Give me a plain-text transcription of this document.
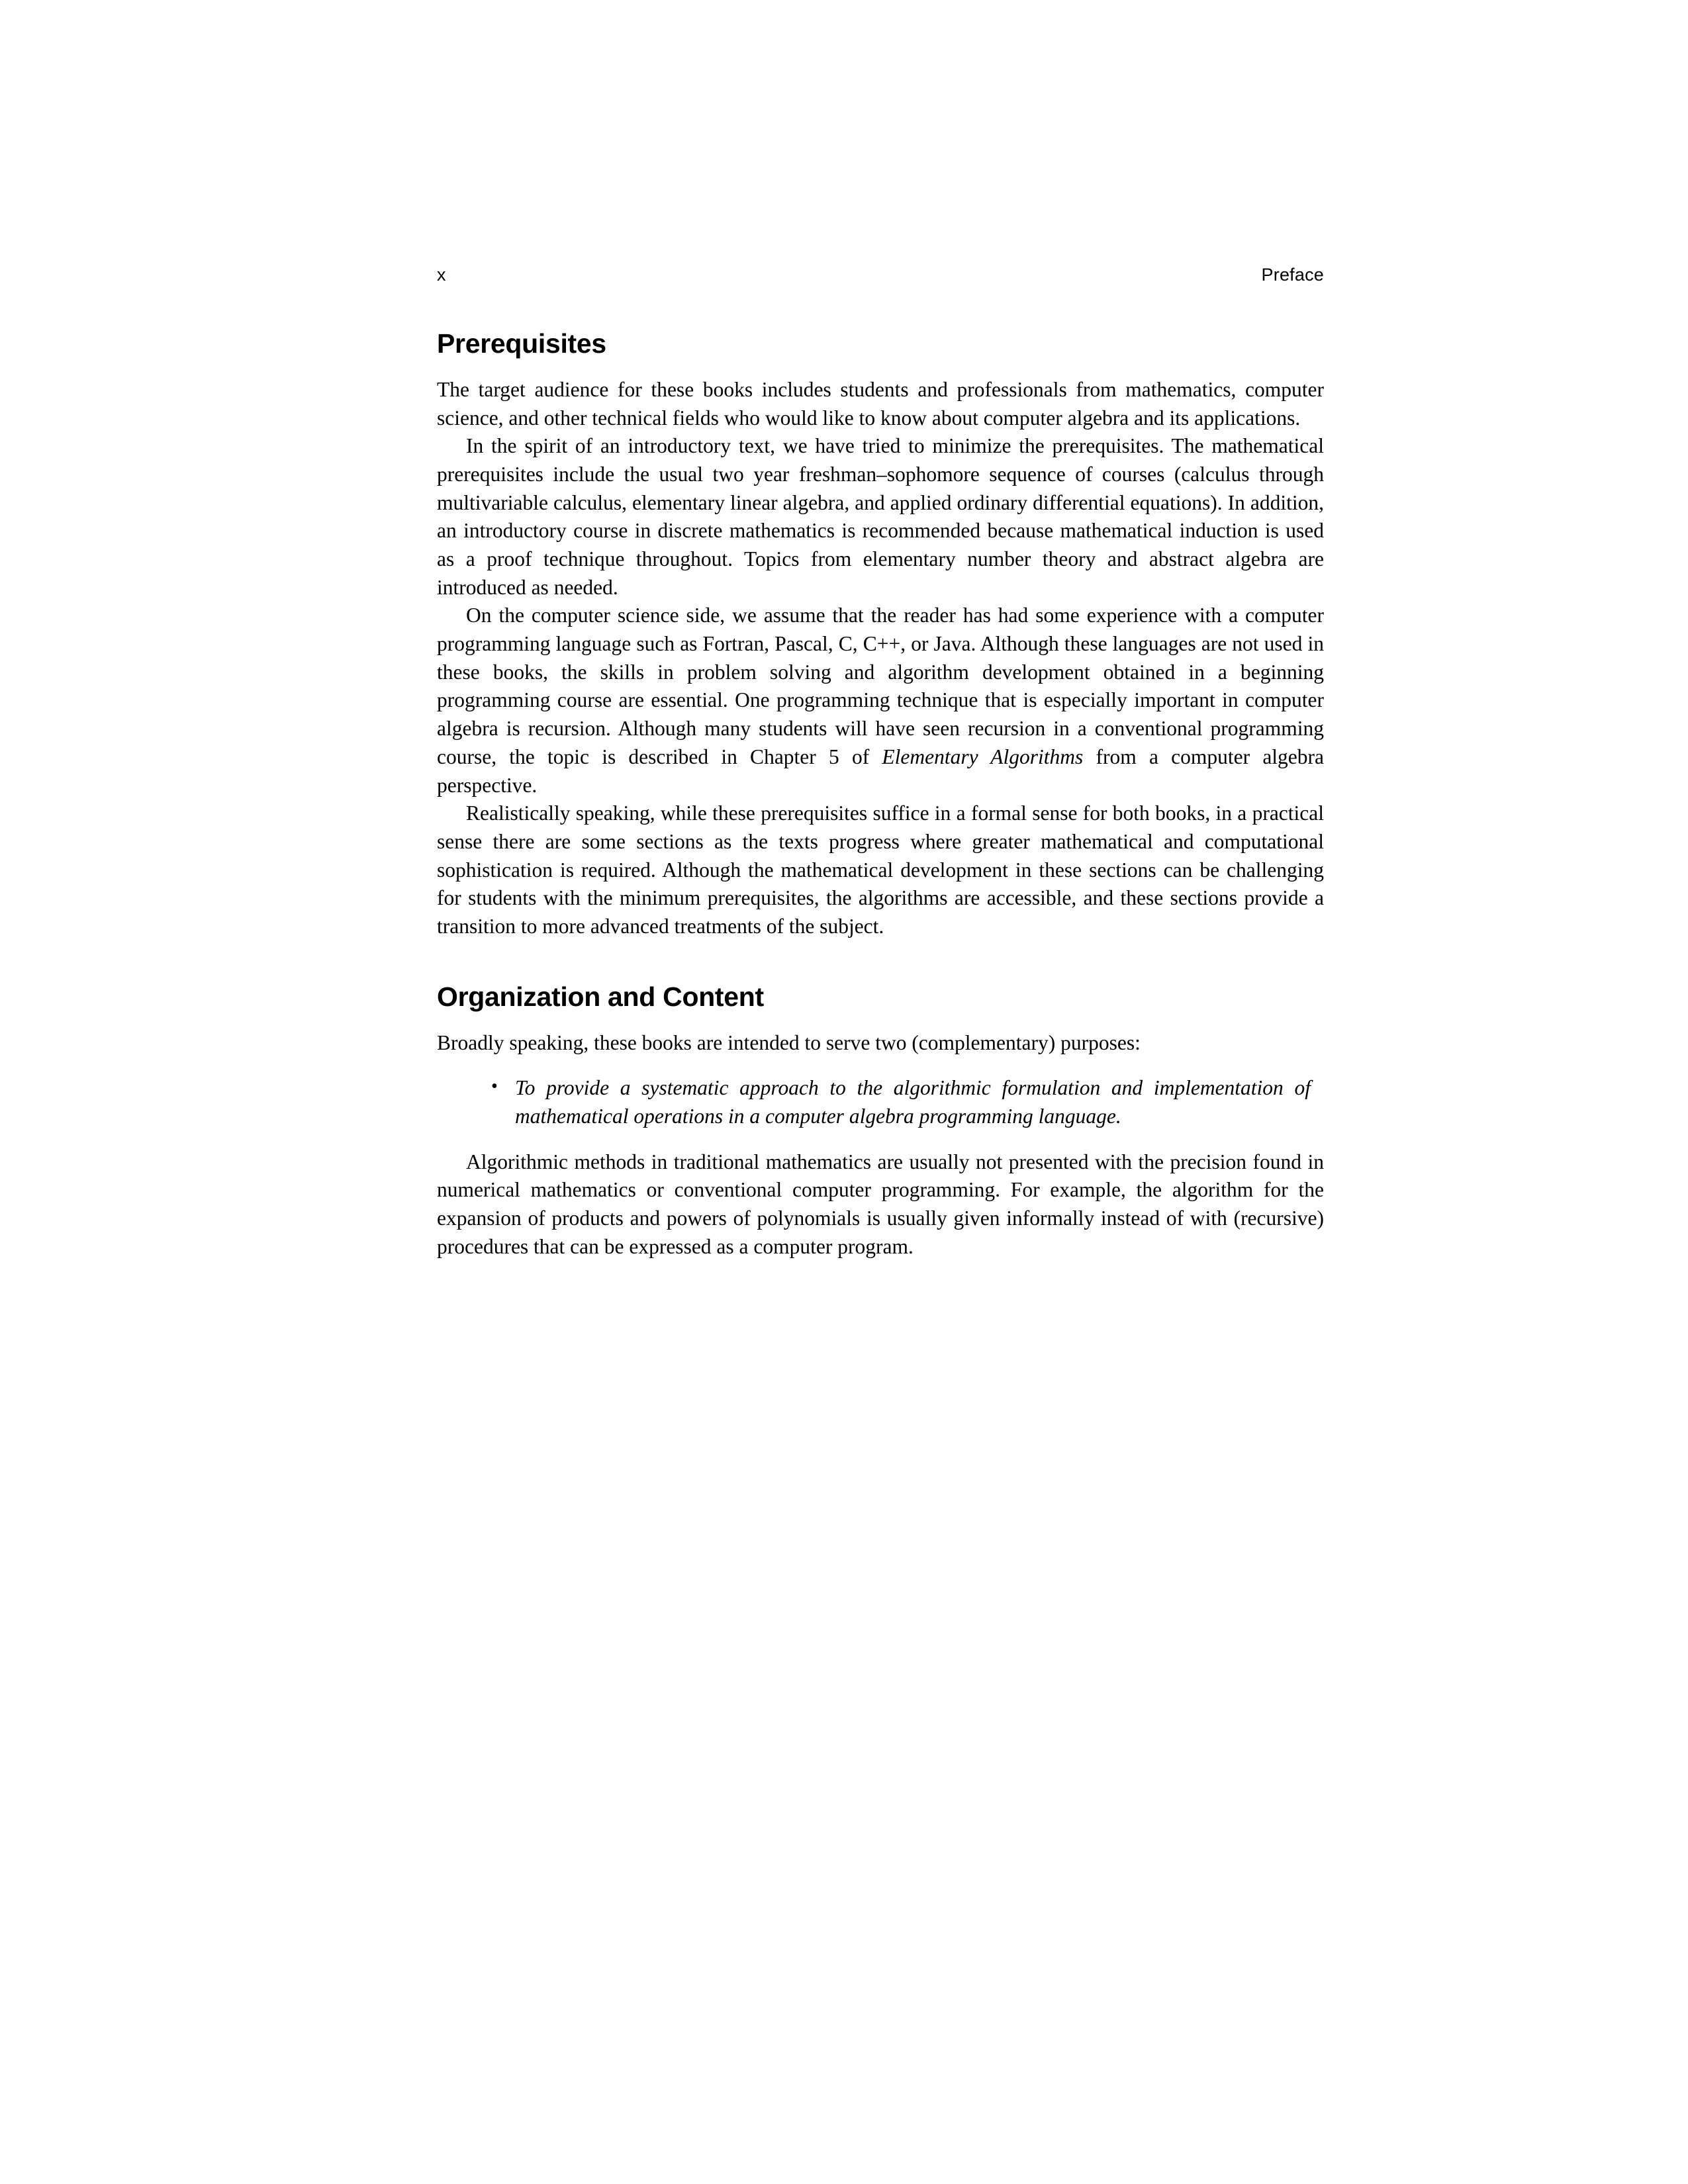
x	Preface
Prerequisites

The target audience for these books includes students and professionals from mathematics, computer science, and other technical fields who would like to know about computer algebra and its applications.

In the spirit of an introductory text, we have tried to minimize the prerequisites. The mathematical prerequisites include the usual two year freshman–sophomore sequence of courses (calculus through multivariable calculus, elementary linear algebra, and applied ordinary differential equations). In addition, an introductory course in discrete mathematics is recommended because mathematical induction is used as a proof technique throughout. Topics from elementary number theory and abstract algebra are introduced as needed.

On the computer science side, we assume that the reader has had some experience with a computer programming language such as Fortran, Pascal, C, C++, or Java. Although these languages are not used in these books, the skills in problem solving and algorithm development obtained in a beginning programming course are essential. One programming technique that is especially important in computer algebra is recursion. Although many students will have seen recursion in a conventional programming course, the topic is described in Chapter 5 of Elementary Algorithms from a computer algebra perspective.

Realistically speaking, while these prerequisites suffice in a formal sense for both books, in a practical sense there are some sections as the texts progress where greater mathematical and computational sophistication is required. Although the mathematical development in these sections can be challenging for students with the minimum prerequisites, the algorithms are accessible, and these sections provide a transition to more advanced treatments of the subject.

Organization and Content

Broadly speaking, these books are intended to serve two (complementary) purposes:

• To provide a systematic approach to the algorithmic formulation and implementation of mathematical operations in a computer algebra programming language.

Algorithmic methods in traditional mathematics are usually not presented with the precision found in numerical mathematics or conventional computer programming. For example, the algorithm for the expansion of products and powers of polynomials is usually given informally instead of with (recursive) procedures that can be expressed as a computer program.
